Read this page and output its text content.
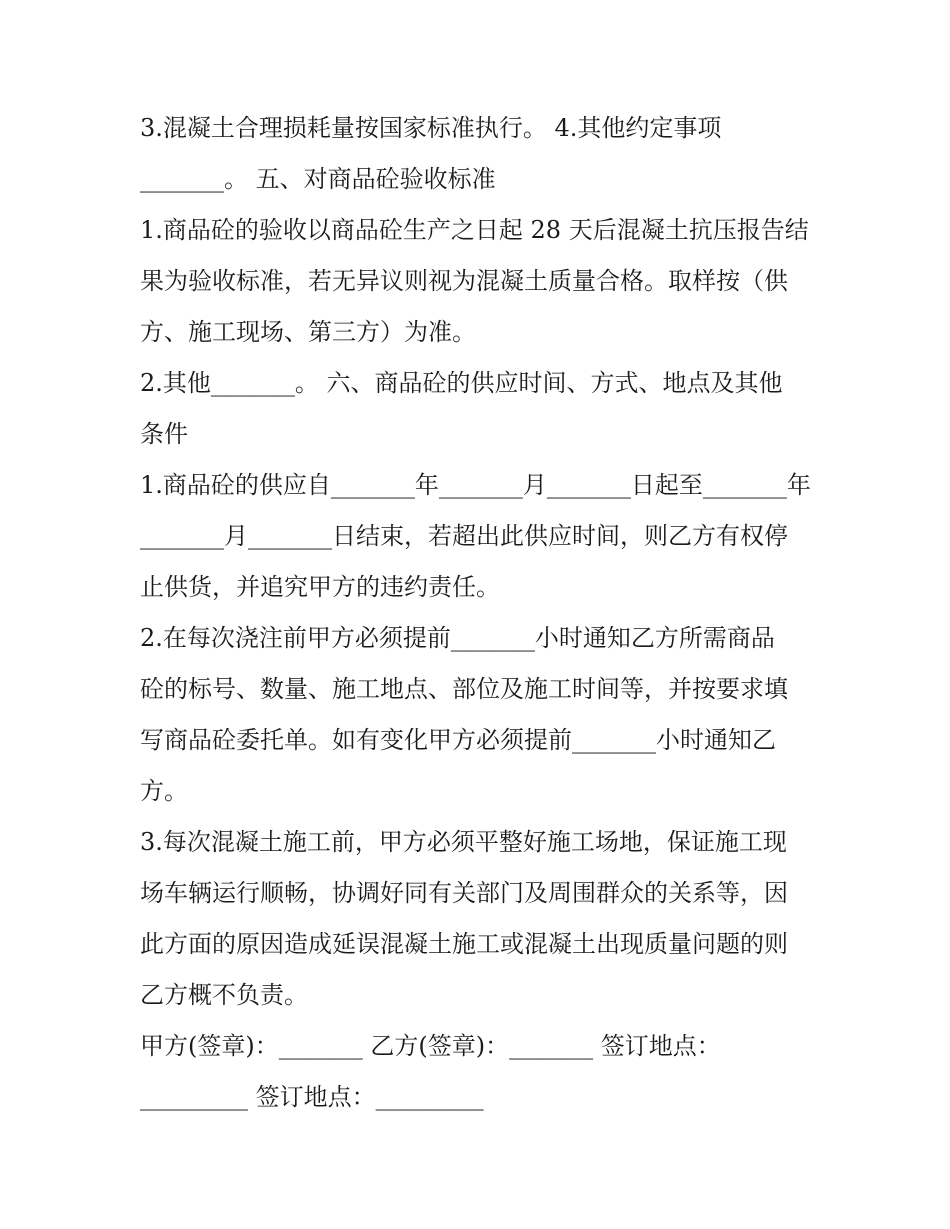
3.混凝土合理损耗量按国家标准执行。 4.其他约定事项
_______。 五、对商品砼验收标准
1.商品砼的验收以商品砼生产之日起 28 天后混凝土抗压报告结
果为验收标准，若无异议则视为混凝土质量合格。取样按（供
方、施工现场、第三方）为准。
2.其他_______。 六、商品砼的供应时间、方式、地点及其他
条件
1.商品砼的供应自_______年_______月_______日起至_______年
_______月_______日结束，若超出此供应时间，则乙方有权停
止供货，并追究甲方的违约责任。
2.在每次浇注前甲方必须提前_______小时通知乙方所需商品
砼的标号、数量、施工地点、部位及施工时间等，并按要求填
写商品砼委托单。如有变化甲方必须提前_______小时通知乙
方。
3.每次混凝土施工前，甲方必须平整好施工场地，保证施工现
场车辆运行顺畅，协调好同有关部门及周围群众的关系等，因
此方面的原因造成延误混凝土施工或混凝土出现质量问题的则
乙方概不负责。
甲方(签章)：_______ 乙方(签章)：_______ 签订地点：
_________ 签订地点：_________
